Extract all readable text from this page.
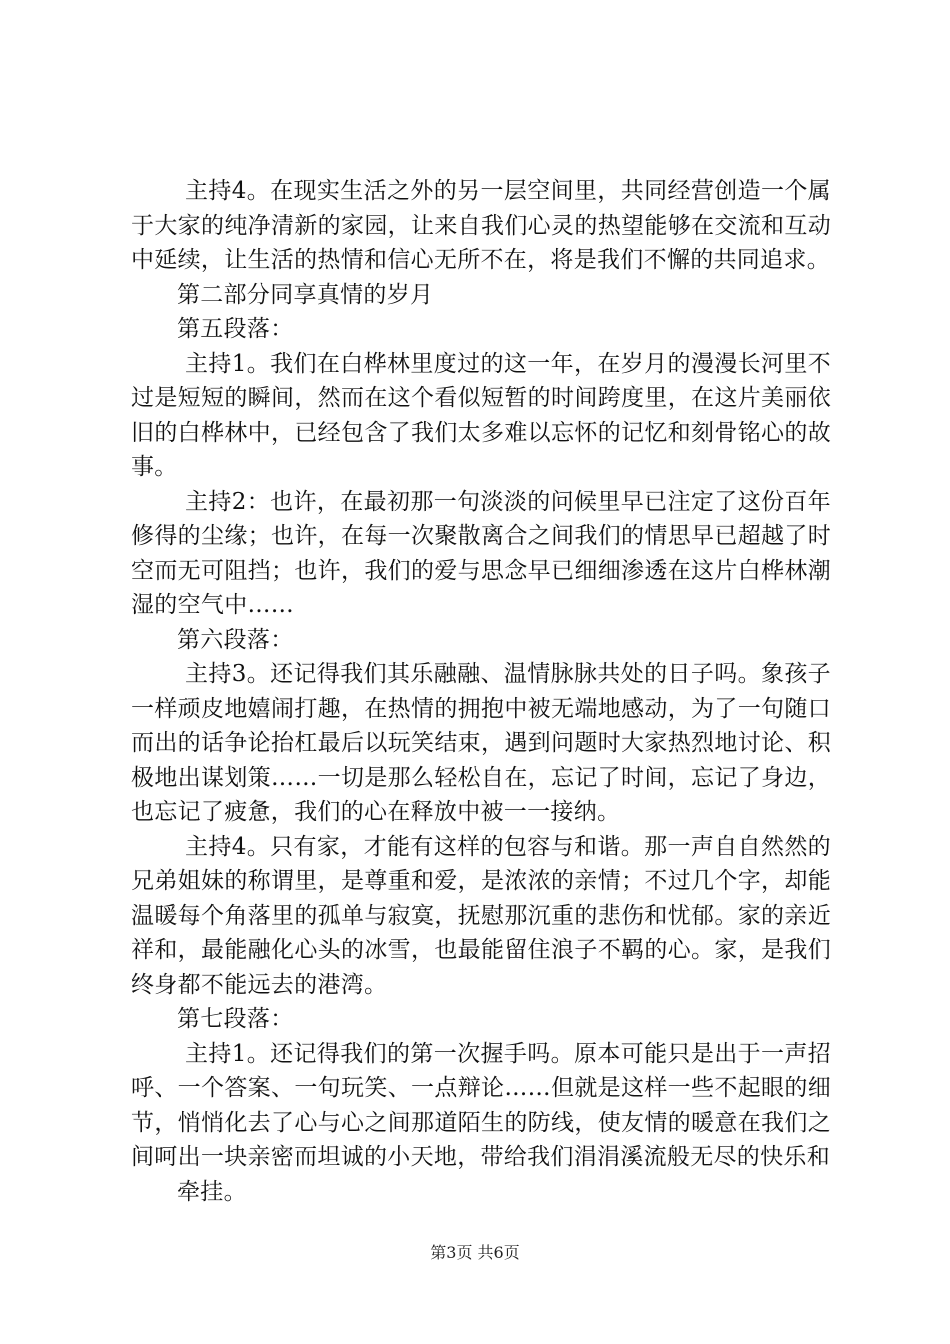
主持4。在现实生活之外的另一层空间里，共同经营创造一个属于大家的纯净清新的家园，让来自我们心灵的热望能够在交流和互动中延续，让生活的热情和信心无所不在，将是我们不懈的共同追求。

第二部分同享真情的岁月

第五段落：

主持1。我们在白桦林里度过的这一年，在岁月的漫漫长河里不过是短短的瞬间，然而在这个看似短暂的时间跨度里，在这片美丽依旧的白桦林中，已经包含了我们太多难以忘怀的记忆和刻骨铭心的故事。

主持2：也许，在最初那一句淡淡的问候里早已注定了这份百年修得的尘缘；也许，在每一次聚散离合之间我们的情思早已超越了时空而无可阻挡；也许，我们的爱与思念早已细细渗透在这片白桦林潮湿的空气中……

第六段落：

主持3。还记得我们其乐融融、温情脉脉共处的日子吗。象孩子一样顽皮地嬉闹打趣，在热情的拥抱中被无端地感动，为了一句随口而出的话争论抬杠最后以玩笑结束，遇到问题时大家热烈地讨论、积极地出谋划策……一切是那么轻松自在，忘记了时间，忘记了身边，也忘记了疲惫，我们的心在释放中被一一接纳。

主持4。只有家，才能有这样的包容与和谐。那一声自自然然的兄弟姐妹的称谓里，是尊重和爱，是浓浓的亲情；不过几个字，却能温暖每个角落里的孤单与寂寞，抚慰那沉重的悲伤和忧郁。家的亲近祥和，最能融化心头的冰雪，也最能留住浪子不羁的心。家，是我们终身都不能远去的港湾。

第七段落：

主持1。还记得我们的第一次握手吗。原本可能只是出于一声招呼、一个答案、一句玩笑、一点辩论……但就是这样一些不起眼的细节，悄悄化去了心与心之间那道陌生的防线，使友情的暖意在我们之间呵出一块亲密而坦诚的小天地，带给我们涓涓溪流般无尽的快乐和

牵挂。

第3页 共6页
